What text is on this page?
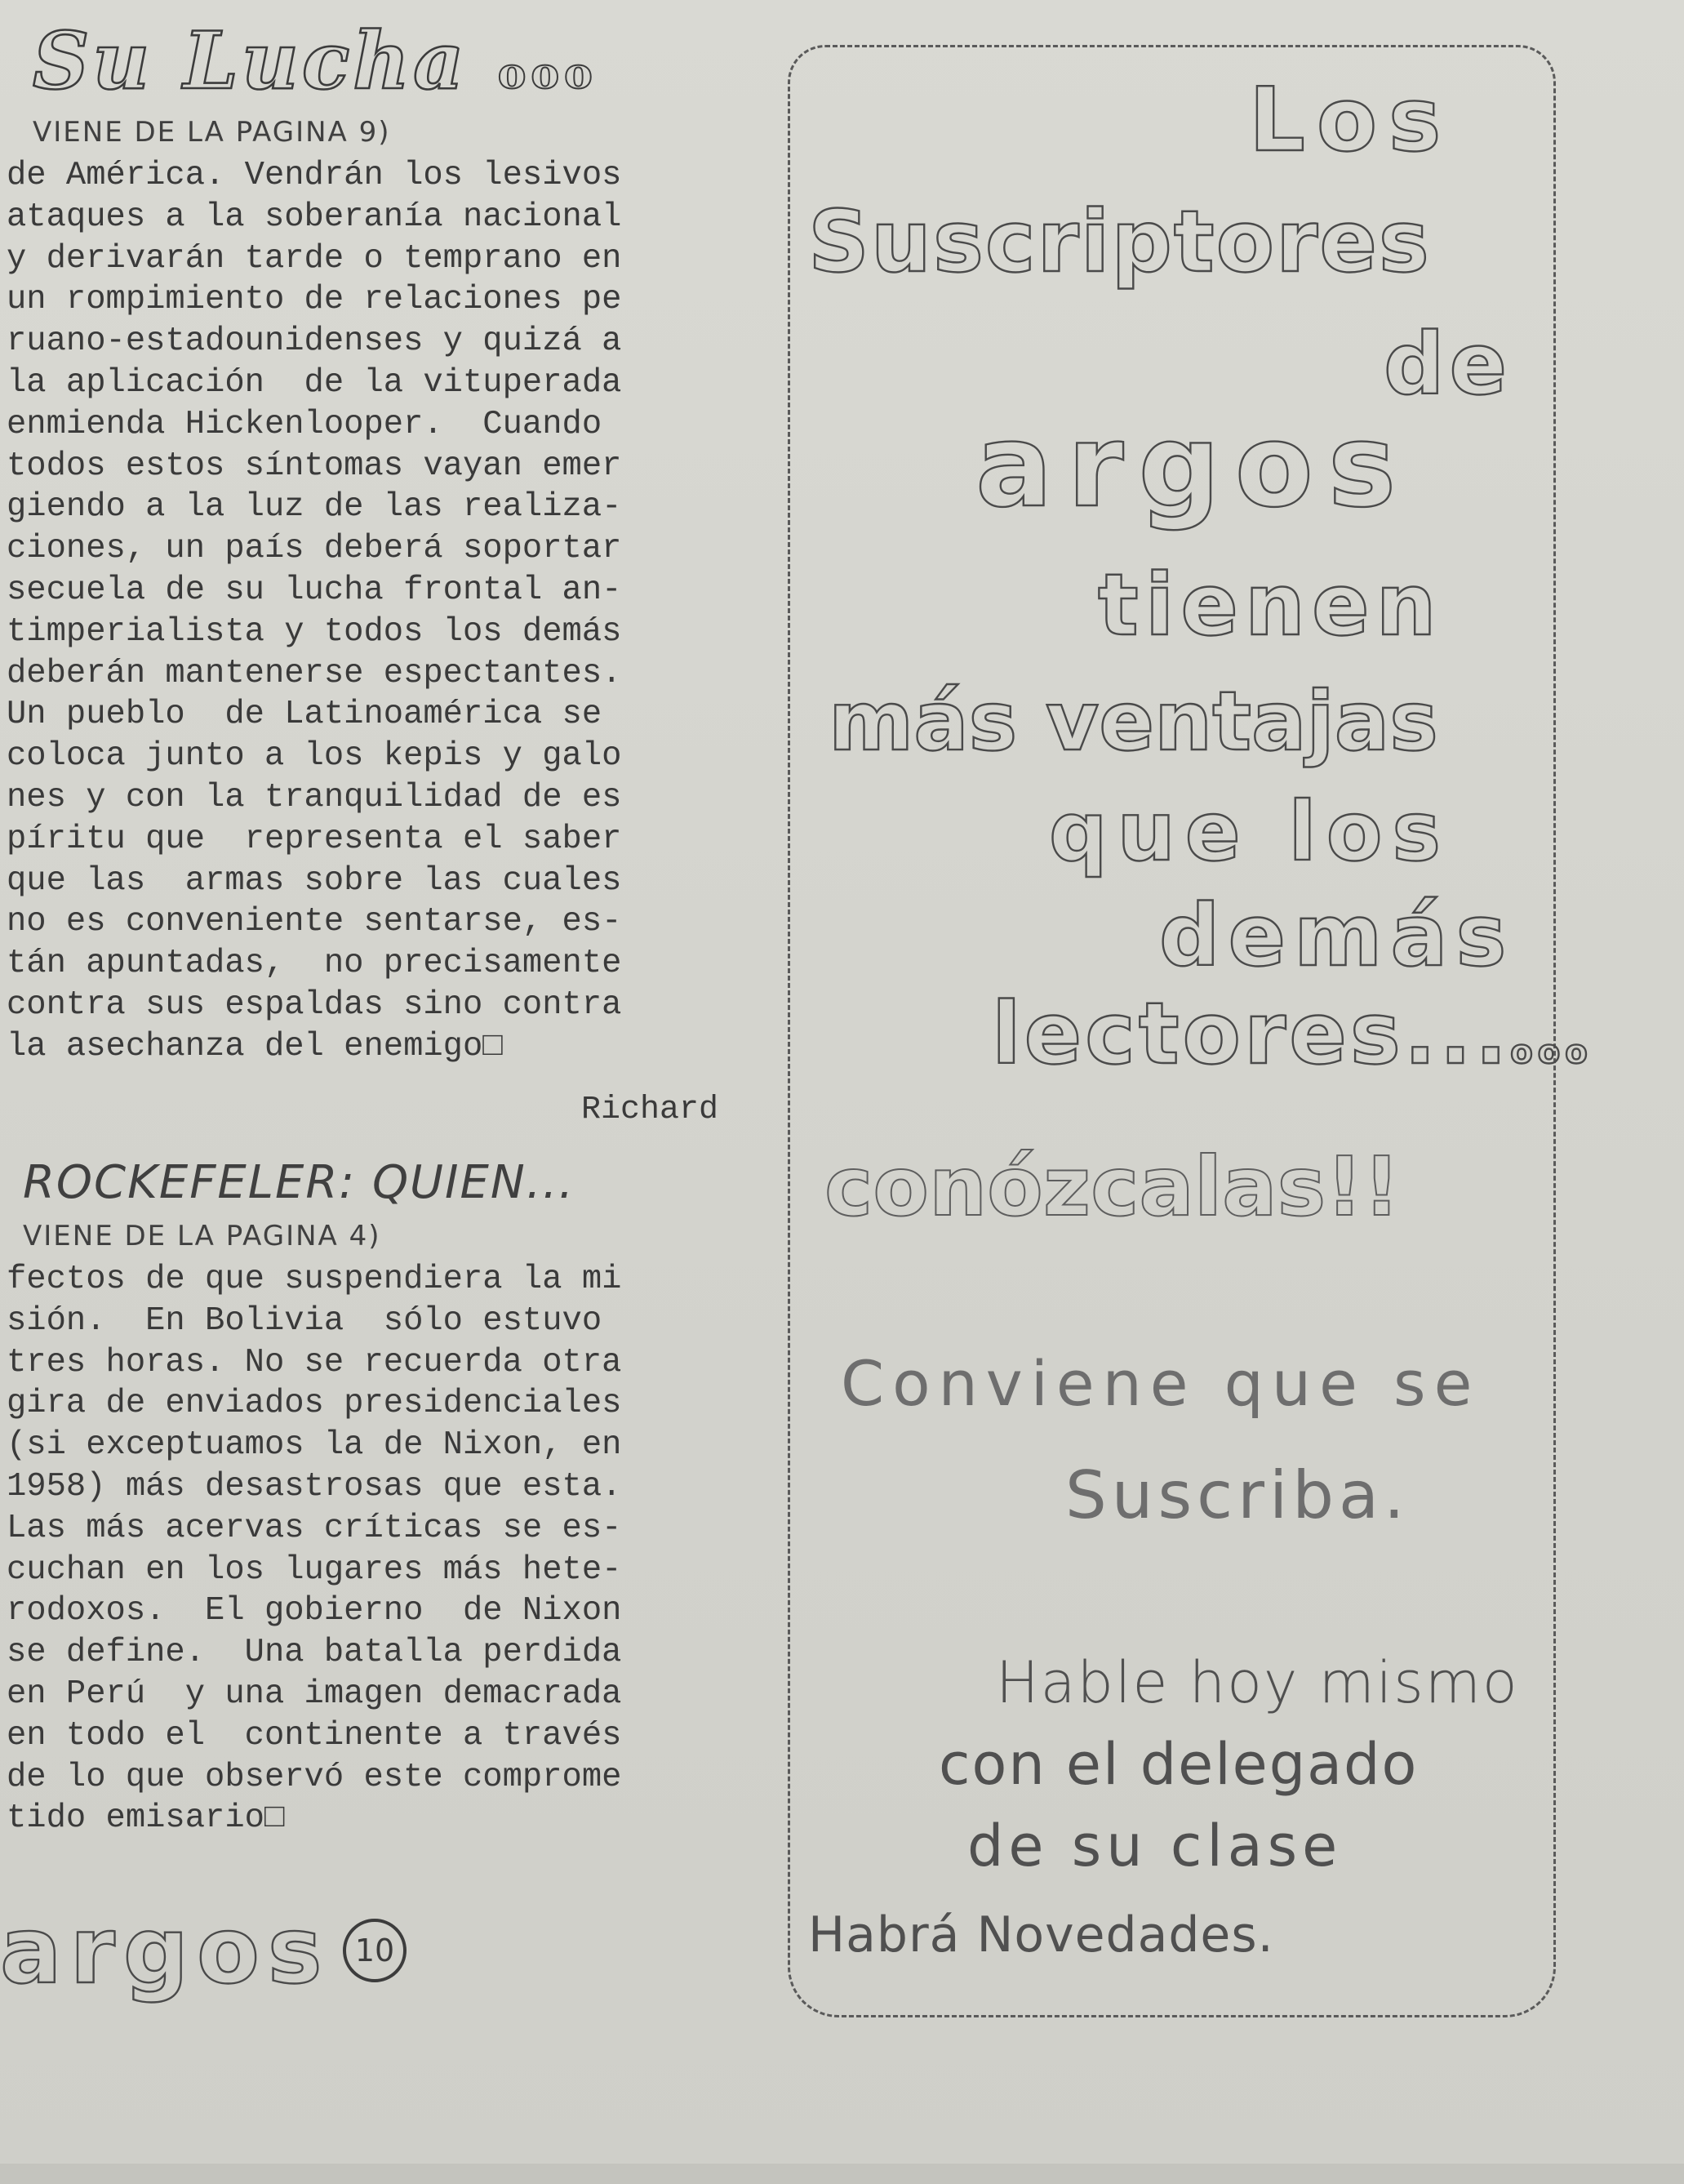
Su Lucha ooo
VIENE DE LA PAGINA 9)
de América. Vendrán los lesivos
ataques a la soberanía nacional
y derivarán tarde o temprano en
un rompimiento de relaciones pe
ruano-estadounidenses y quizá a
la aplicación  de la vituperada
enmienda Hickenlooper.  Cuando
todos estos síntomas vayan emer
giendo a la luz de las realiza-
ciones, un país deberá soportar
secuela de su lucha frontal an-
timperialista y todos los demás
deberán mantenerse espectantes.
Un pueblo  de Latinoamérica se
coloca junto a los kepis y galo
nes y con la tranquilidad de es
píritu que  representa el saber
que las  armas sobre las cuales
no es conveniente sentarse, es-
tán apuntadas,  no precisamente
contra sus espaldas sino contra
la asechanza del enemigo□
Richard
ROCKEFELER: QUIEN...
VIENE DE LA PAGINA 4)
fectos de que suspendiera la mi
sión.  En Bolivia  sólo estuvo
tres horas. No se recuerda otra
gira de enviados presidenciales
(si exceptuamos la de Nixon, en
1958) más desastrosas que esta.
Las más acervas críticas se es-
cuchan en los lugares más hete-
rodoxos.  El gobierno  de Nixon
se define.  Una batalla perdida
en Perú  y una imagen demacrada
en todo el  continente a través
de lo que observó este comprome
tido emisario□
argos 10
Los
Suscriptores
de
argos
tienen
más ventajas
que los
demás
lectores...ooo
conózcalas!!
Conviene que se
Suscriba.
Hable hoy mismo
con el delegado
de su clase
Habrá Novedades.
